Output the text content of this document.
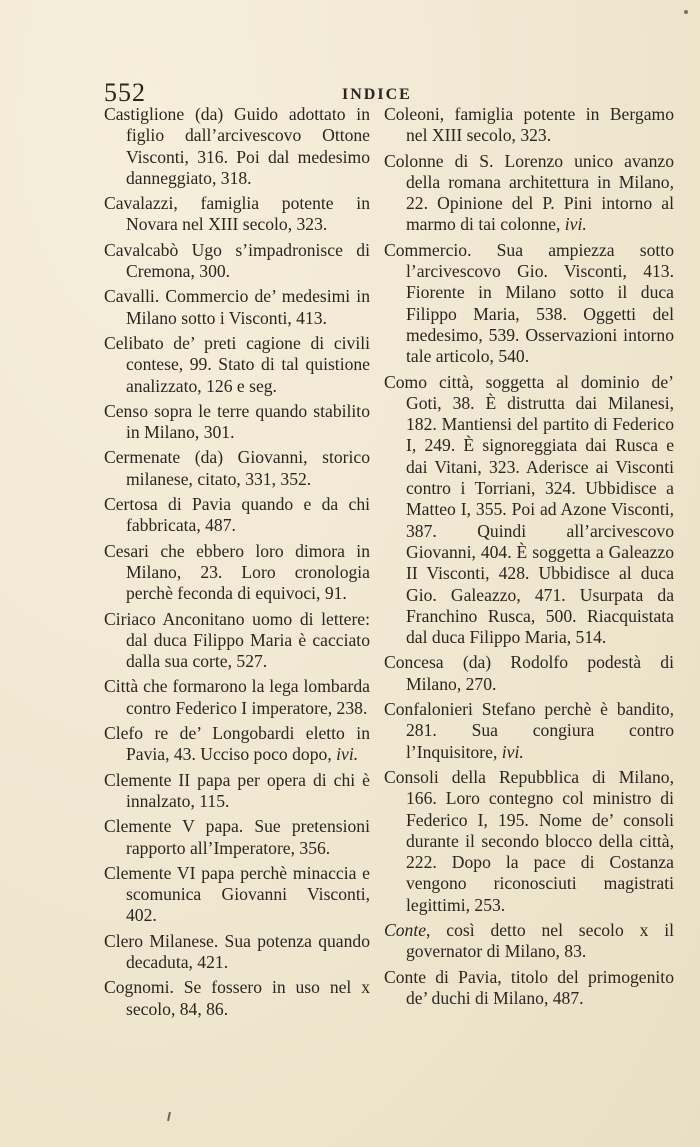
552	INDICE

Castiglione (da) Guido adottato in figlio dall’arcivescovo Ottone Visconti, 316. Poi dal medesimo danneggiato, 318.

Cavalazzi, famiglia potente in Novara nel XIII secolo, 323.

Cavalcabò Ugo s’impadronisce di Cremona, 300.

Cavalli. Commercio de’ medesimi in Milano sotto i Visconti, 413.

Celibato de’ preti cagione di civili contese, 99. Stato di tal quistione analizzato, 126 e seg.

Censo sopra le terre quando stabilito in Milano, 301.

Cermenate (da) Giovanni, storico milanese, citato, 331, 352.

Certosa di Pavia quando e da chi fabbricata, 487.

Cesari che ebbero loro dimora in Milano, 23. Loro cronologia perchè feconda di equivoci, 91.

Ciriaco Anconitano uomo di lettere: dal duca Filippo Maria è cacciato dalla sua corte, 527.

Città che formarono la lega lombarda contro Federico I imperatore, 238.

Clefo re de’ Longobardi eletto in Pavia, 43. Ucciso poco dopo, ivi.

Clemente II papa per opera di chi è innalzato, 115.

Clemente V papa. Sue pretensioni rapporto all’Imperatore, 356.

Clemente VI papa perchè minaccia e scomunica Giovanni Visconti, 402.

Clero Milanese. Sua potenza quando decaduta, 421.

Cognomi. Se fossero in uso nel x secolo, 84, 86.

Coleoni, famiglia potente in Bergamo nel XIII secolo, 323.

Colonne di S. Lorenzo unico avanzo della romana architettura in Milano, 22. Opinione del P. Pini intorno al marmo di tai colonne, ivi.

Commercio. Sua ampiezza sotto l’arcivescovo Gio. Visconti, 413. Fiorente in Milano sotto il duca Filippo Maria, 538. Oggetti del medesimo, 539. Osservazioni intorno tale articolo, 540.

Como città, soggetta al dominio de’ Goti, 38. È distrutta dai Milanesi, 182. Mantiensi del partito di Federico I, 249. È signoreggiata dai Rusca e dai Vitani, 323. Aderisce ai Visconti contro i Torriani, 324. Ubbidisce a Matteo I, 355. Poi ad Azone Visconti, 387. Quindi all’arcivescovo Giovanni, 404. È soggetta a Galeazzo II Visconti, 428. Ubbidisce al duca Gio. Galeazzo, 471. Usurpata da Franchino Rusca, 500. Riacquistata dal duca Filippo Maria, 514.

Concesa (da) Rodolfo podestà di Milano, 270.

Confalonieri Stefano perchè è bandito, 281. Sua congiura contro l’Inquisitore, ivi.

Consoli della Repubblica di Milano, 166. Loro contegno col ministro di Federico I, 195. Nome de’ consoli durante il secondo blocco della città, 222. Dopo la pace di Costanza vengono riconosciuti magistrati legittimi, 253.

Conte, così detto nel secolo x il governator di Milano, 83.

Conte di Pavia, titolo del primogenito de’ duchi di Milano, 487.
